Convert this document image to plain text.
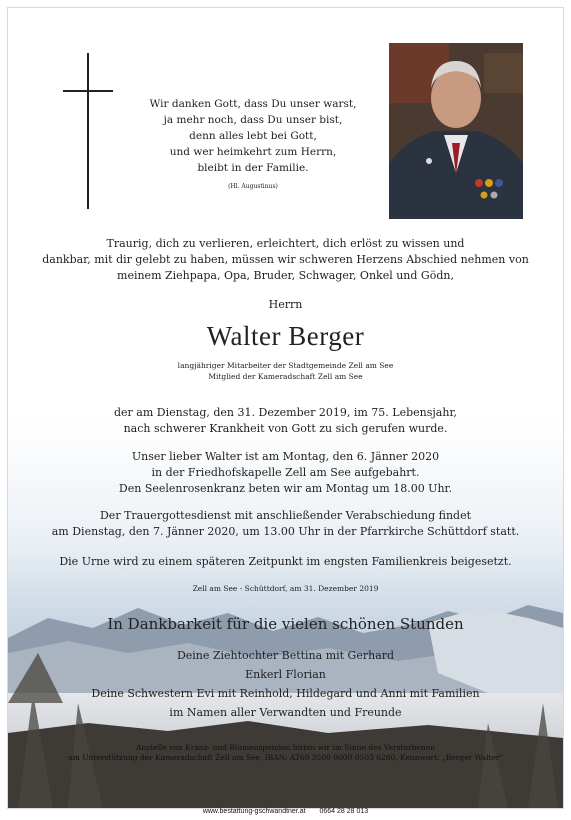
Wir danken Gott, dass Du unser warst,
ja mehr noch, dass Du unser bist,
denn alles lebt bei Gott,
und wer heimkehrt zum Herrn,
bleibt in der Familie.
(Hl. Augustinus)
Traurig, dich zu verlieren, erleichtert, dich erlöst zu wissen und
dankbar, mit dir gelebt zu haben, müssen wir schweren Herzens Abschied nehmen von
meinem Ziehpapa, Opa, Bruder, Schwager, Onkel und Gödn,
Herrn
Walter Berger
langjähriger Mitarbeiter der Stadtgemeinde Zell am See
Mitglied der Kameradschaft Zell am See
der am Dienstag, den 31. Dezember 2019, im 75. Lebensjahr,
nach schwerer Krankheit von Gott zu sich gerufen wurde.
Unser lieber Walter ist am Montag, den 6. Jänner 2020
in der Friedhofskapelle Zell am See aufgebahrt.
Den Seelenrosenkranz beten wir am Montag um 18.00 Uhr.
Der Trauergottesdienst mit anschließender Verabschiedung findet
am Dienstag, den 7. Jänner 2020, um 13.00 Uhr in der Pfarrkirche Schüttdorf statt.
Die Urne wird zu einem späteren Zeitpunkt im engsten Familienkreis beigesetzt.
Zell am See - Schüttdorf, am 31. Dezember 2019
In Dankbarkeit für die vielen schönen Stunden
Deine Ziehtochter Bettina mit Gerhard
Enkerl Florian
Deine Schwestern Evi mit Reinhold, Hildegard und Anni mit Familien
im Namen aller Verwandten und Freunde
Anstelle von Kranz- und Blumenspenden bitten wir im Sinne des Verstorbenen
um Unterstützung der Kameradschaft Zell am See, IBAN: AT69 3500 0000 0503 6280, Kennwort: „Berger Walter"
www.bestattung-gschwandtner.at 0664 28 28 013
